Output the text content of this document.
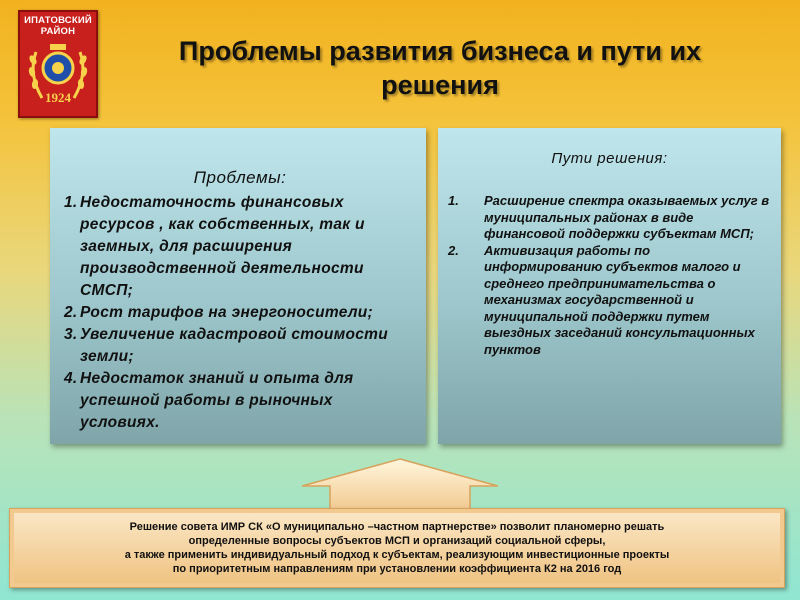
ИПАТОВСКИЙ
РАЙОН
1924
Проблемы развития бизнеса и пути их
решения
Проблемы:
1. Недостаточность финансовых ресурсов , как собственных, так и заемных, для расширения производственной деятельности СМСП;
2. Рост тарифов на энергоносители;
3. Увеличение кадастровой стоимости земли;
4. Недостаток знаний и опыта для успешной работы в рыночных условиях.
Пути решения:
1.	Расширение спектра оказываемых услуг в муниципальных районах в виде финансовой поддержки субъектам МСП;
2.	Активизация работы по информированию субъектов малого и среднего предпринимательства о механизмах государственной и муниципальной поддержки путем выездных заседаний консультационных пунктов
Решение совета ИМР СК «О муниципально –частном партнерстве» позволит планомерно решать
определенные вопросы субъектов МСП и организаций социальной сферы,
а также применить индивидуальный подход к субъектам, реализующим инвестиционные проекты
по приоритетным направлениям при установлении коэффициента К2 на 2016 год
